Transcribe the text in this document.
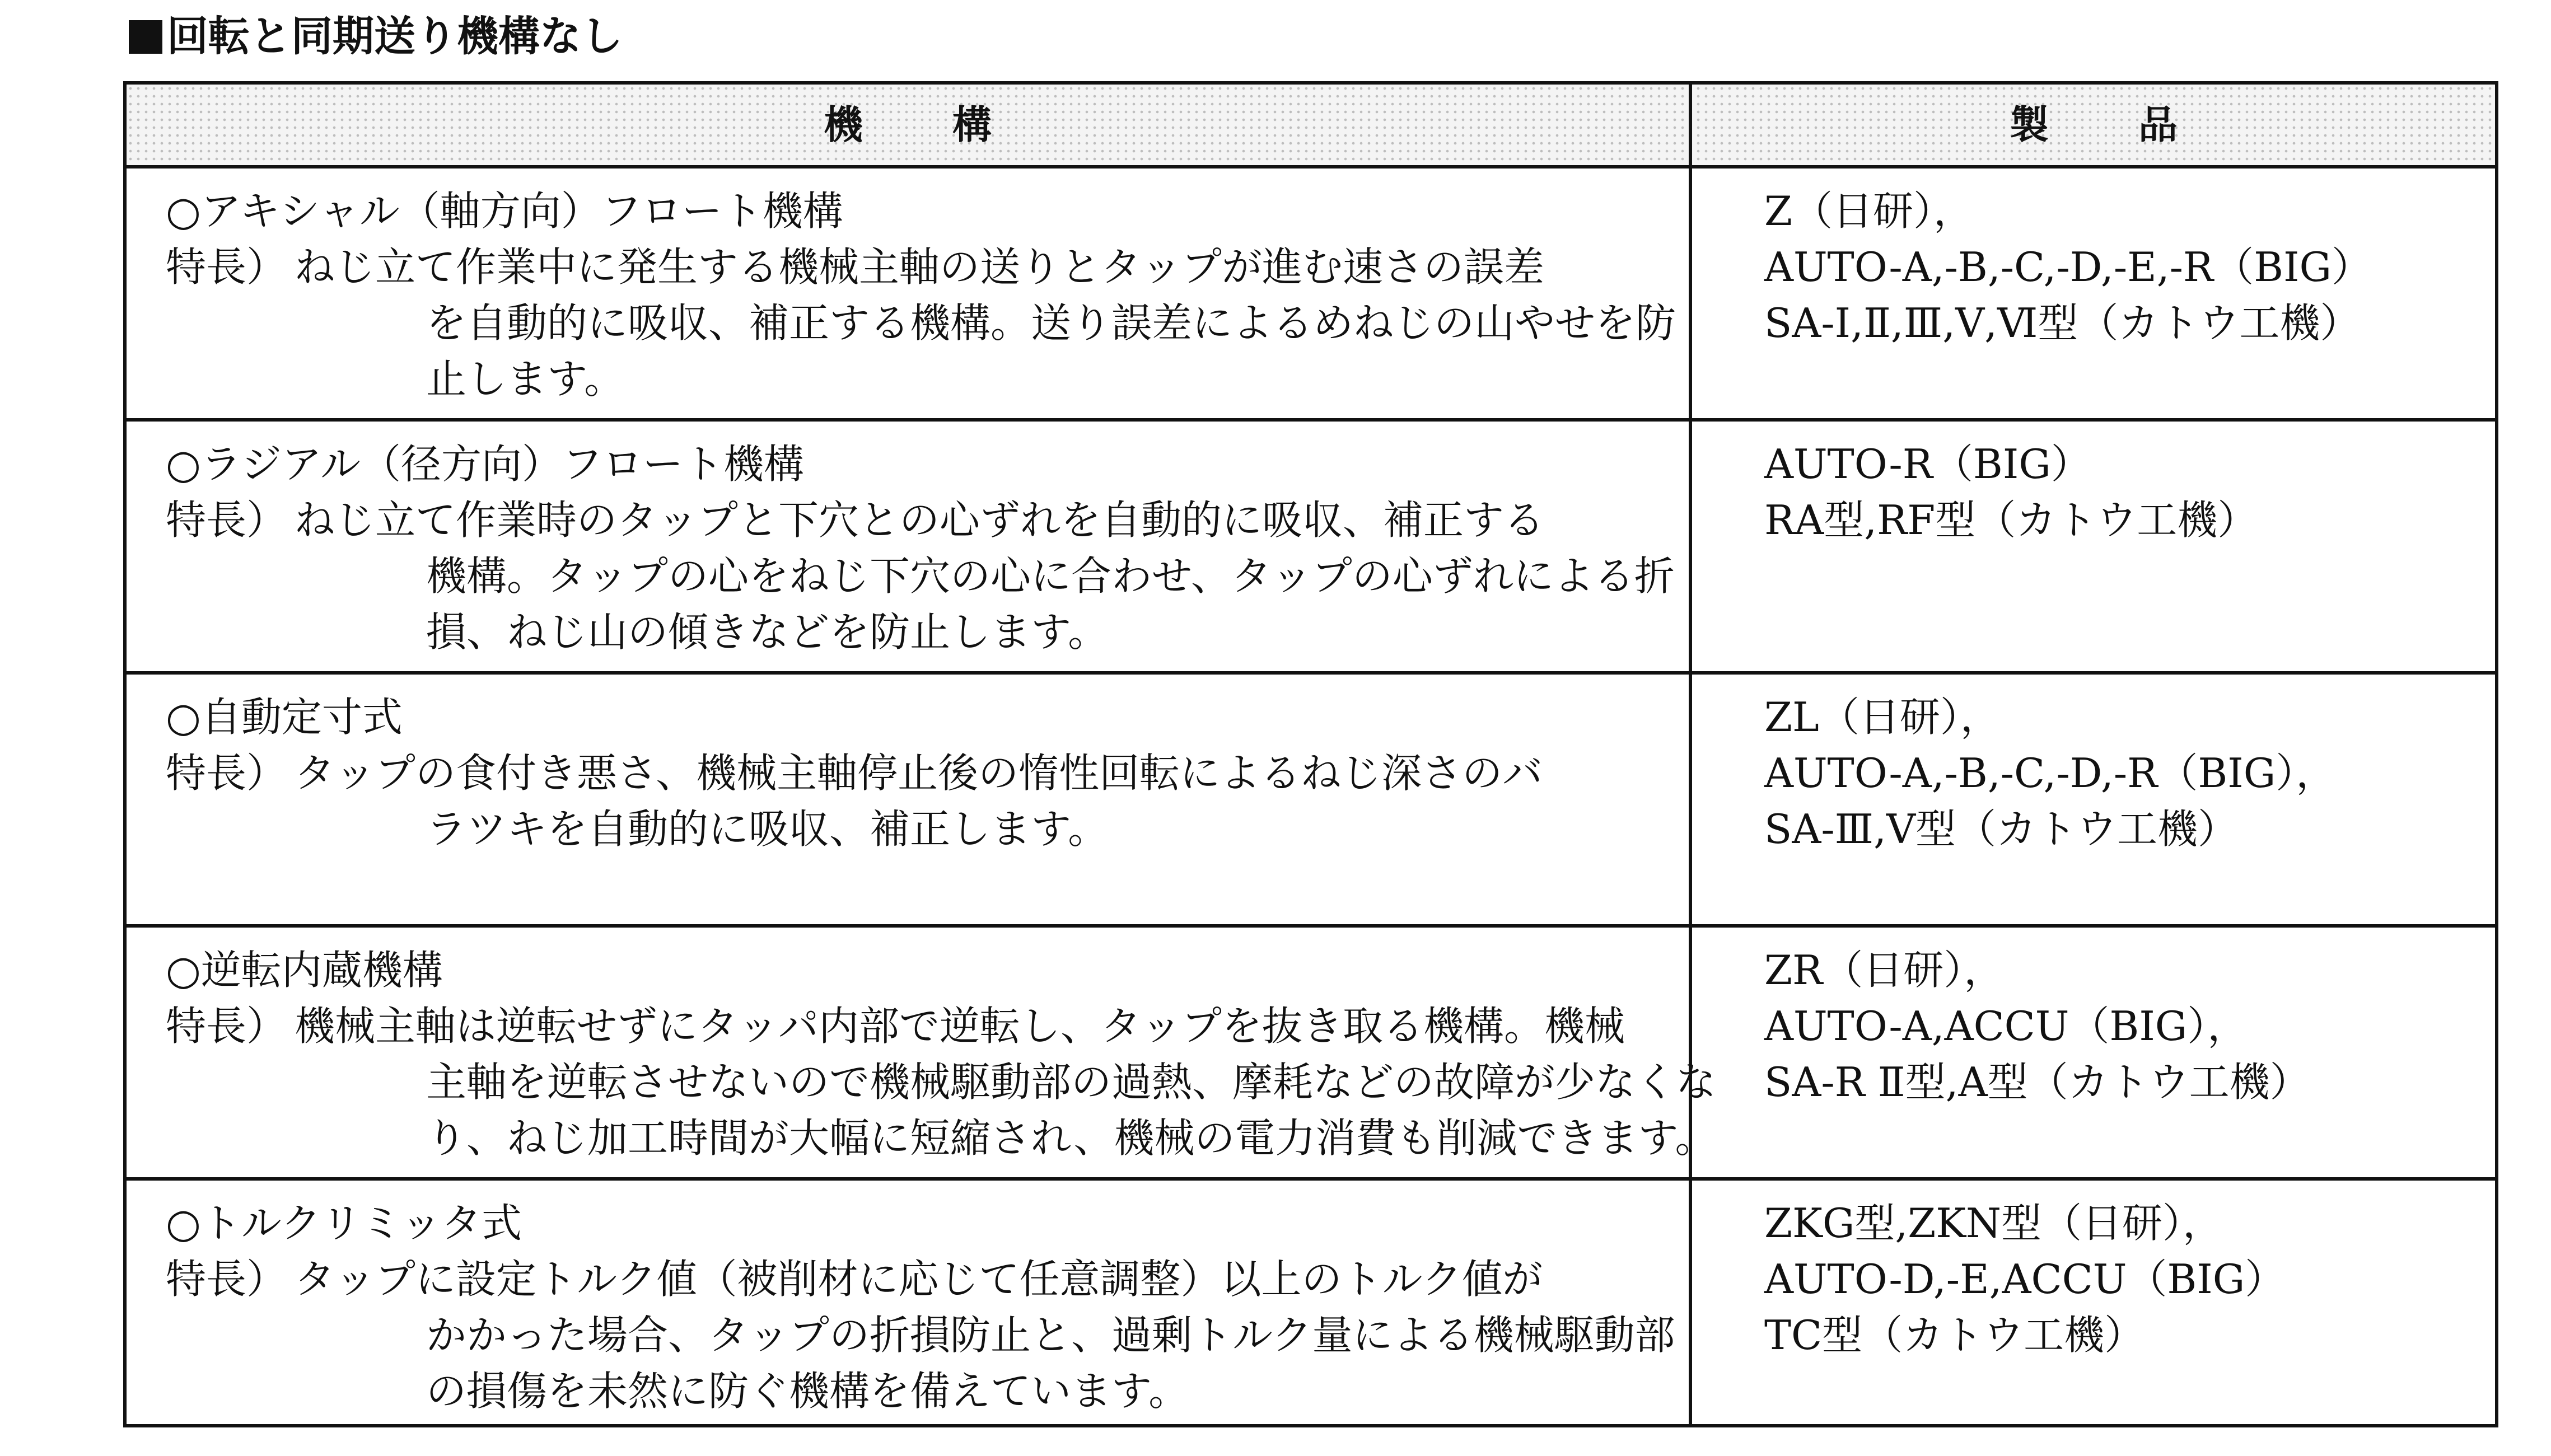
回転と同期送り機構なし
機構	製品
○アキシャル（軸方向）フロート機構
特長） ねじ立て作業中に発生する機械主軸の送りとタップが進む速さの誤差
を自動的に吸収、補正する機構。送り誤差によるめねじの山やせを防
止します。
Z（日研），
AUTO-A,-B,-C,-D,-E,-R（BIG）
SA-Ⅰ,Ⅱ,Ⅲ,Ⅴ,Ⅵ型（カトウ工機）
○ラジアル（径方向）フロート機構
特長） ねじ立て作業時のタップと下穴との心ずれを自動的に吸収、補正する
機構。タップの心をねじ下穴の心に合わせ、タップの心ずれによる折
損、ねじ山の傾きなどを防止します。
AUTO-R（BIG）
RA型,RF型（カトウ工機）
○自動定寸式
特長） タップの食付き悪さ、機械主軸停止後の惰性回転によるねじ深さのバ
ラツキを自動的に吸収、補正します。
ZL（日研），
AUTO-A,-B,-C,-D,-R（BIG），
SA-Ⅲ,Ⅴ型（カトウ工機）
○逆転内蔵機構
特長） 機械主軸は逆転せずにタッパ内部で逆転し、タップを抜き取る機構。機械
主軸を逆転させないので機械駆動部の過熱、摩耗などの故障が少なくな
り、ねじ加工時間が大幅に短縮され、機械の電力消費も削減できます。
ZR（日研），
AUTO-A,ACCU（BIG），
SA-R Ⅱ型,A型（カトウ工機）
○トルクリミッタ式
特長） タップに設定トルク値（被削材に応じて任意調整）以上のトルク値が
かかった場合、タップの折損防止と、過剰トルク量による機械駆動部
の損傷を未然に防ぐ機構を備えています。
ZKG型,ZKN型（日研），
AUTO-D,-E,ACCU（BIG）
TC型（カトウ工機）
